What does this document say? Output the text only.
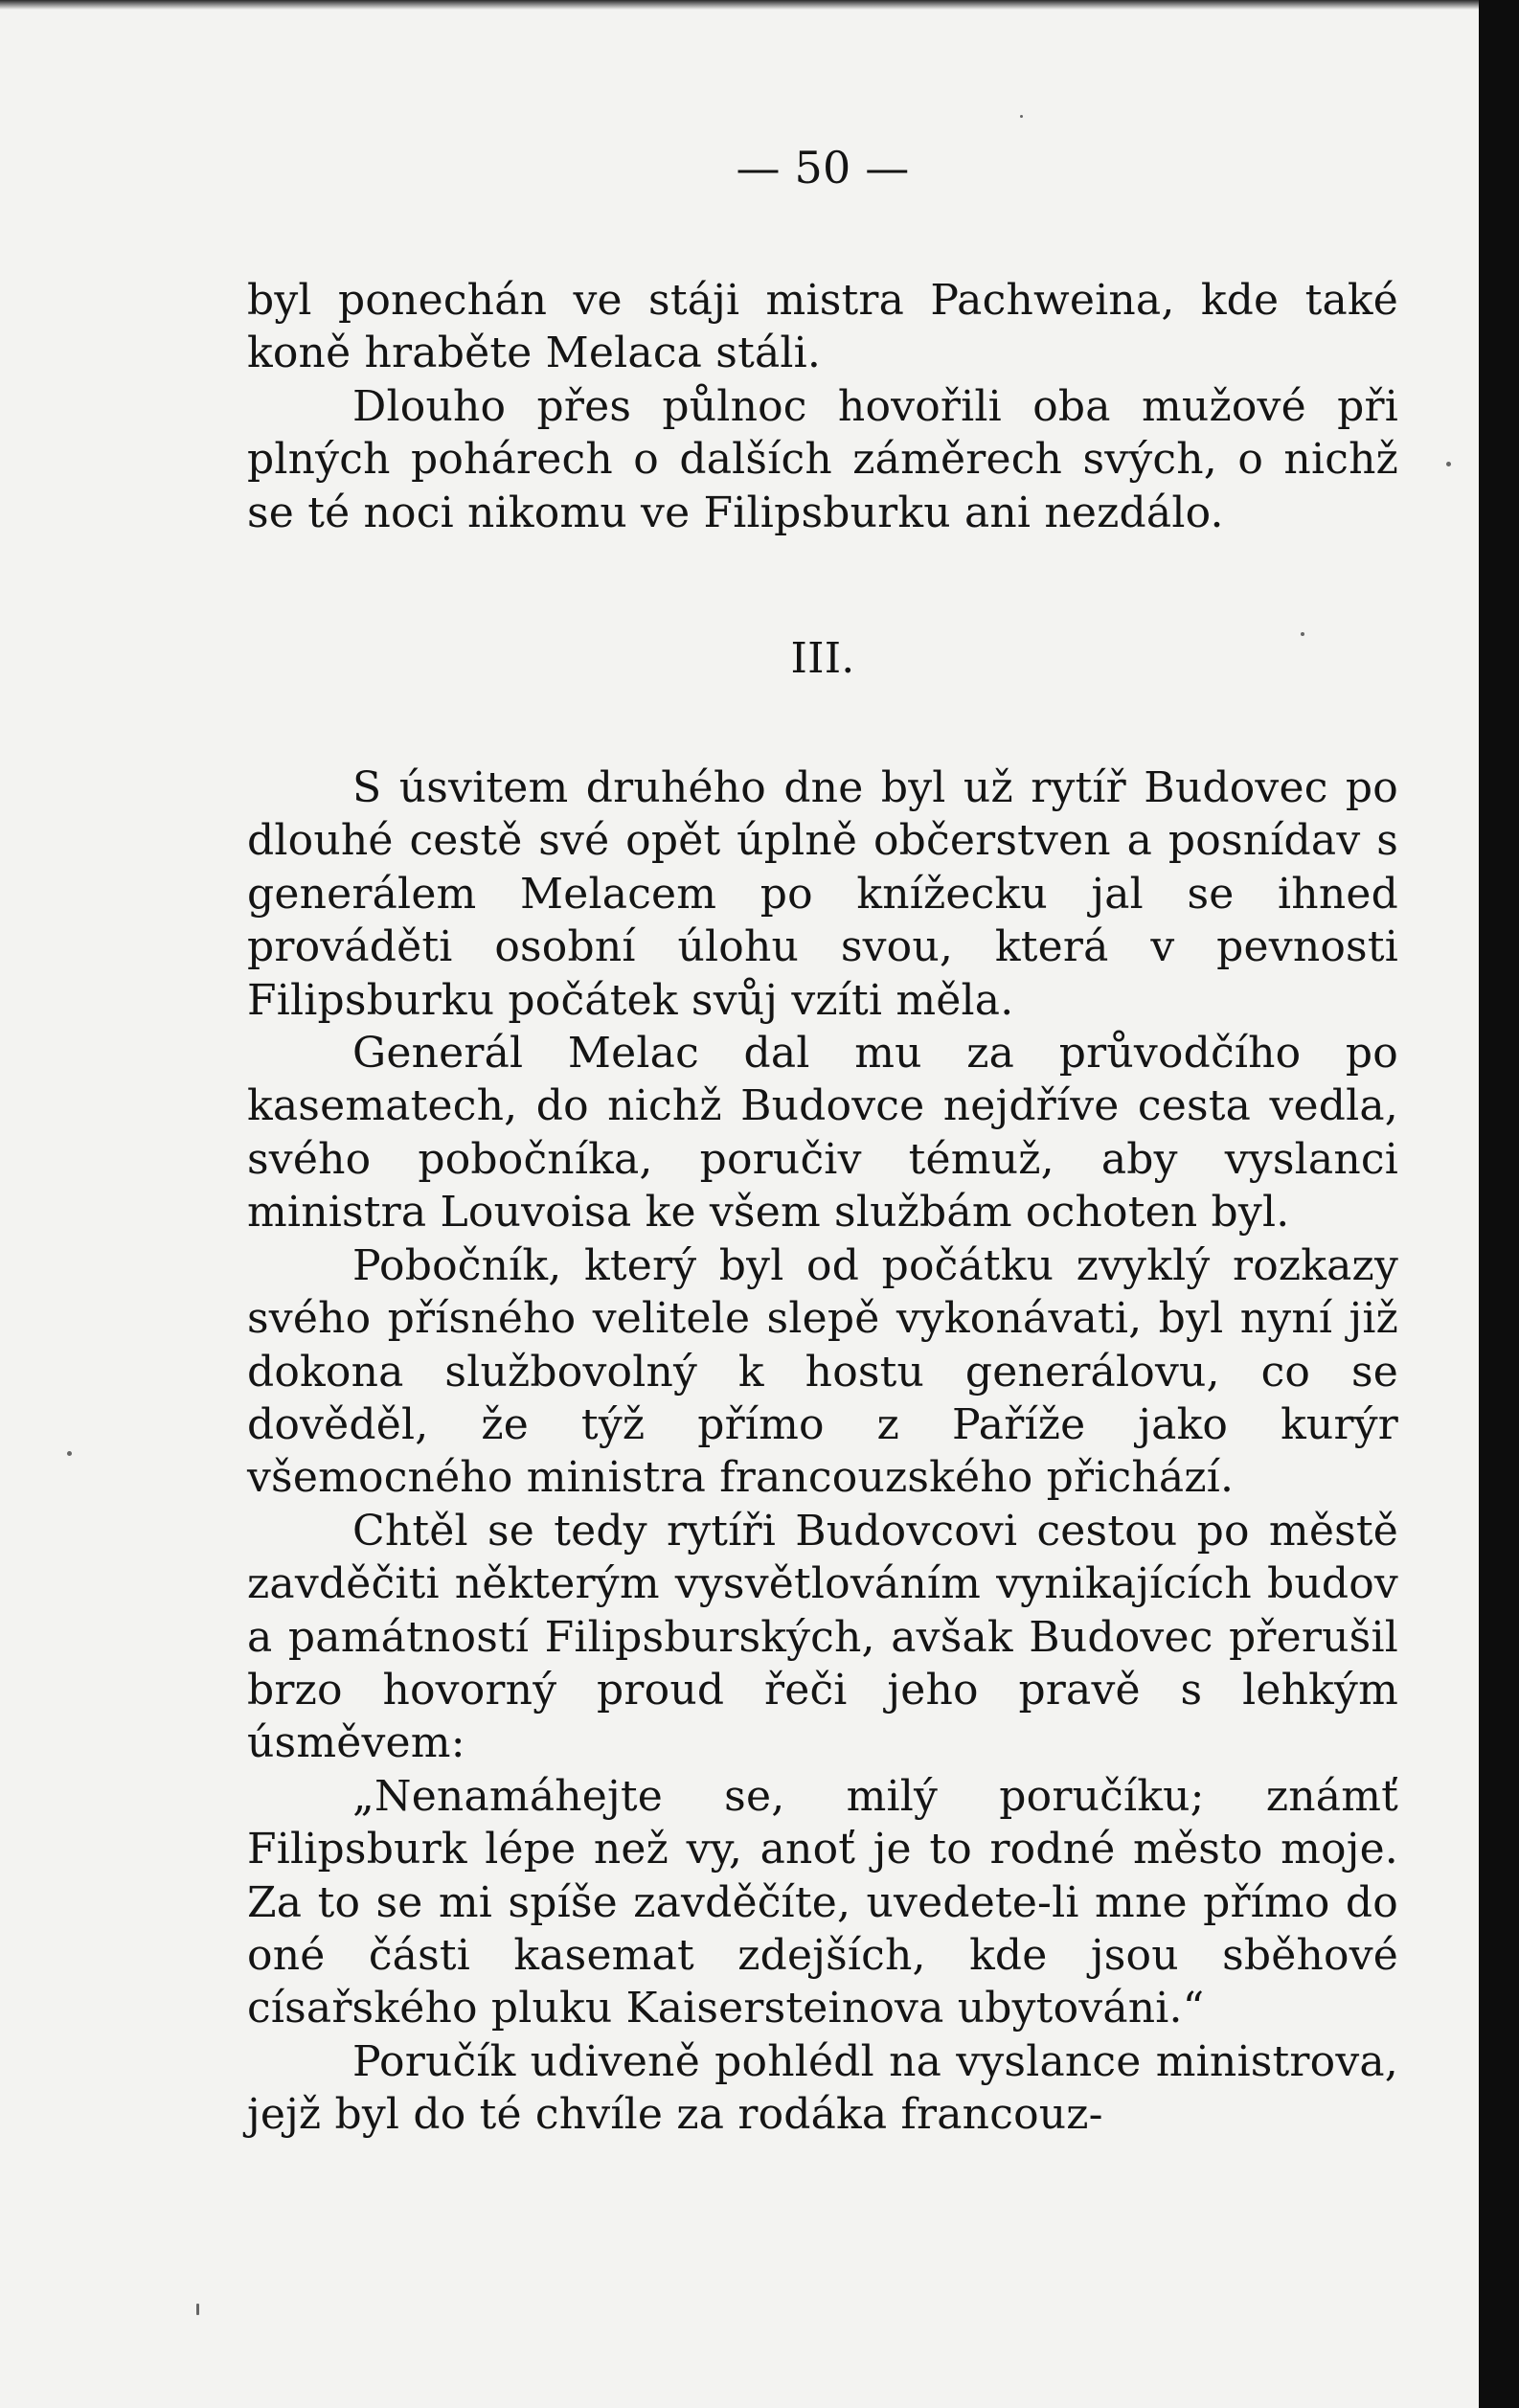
— 50 —

byl ponechán ve stáji mistra Pachweina, kde také koně hraběte Melaca stáli.

Dlouho přes půlnoc hovořili oba mužové při plných pohárech o dalších záměrech svých, o nichž se té noci nikomu ve Filipsburku ani nezdálo.

III.

S úsvitem druhého dne byl už rytíř Budovec po dlouhé cestě své opět úplně občerstven a posnídav s generálem Melacem po knížecku jal se ihned prováděti osobní úlohu svou, která v pevnosti Filipsburku počátek svůj vzíti měla.

Generál Melac dal mu za průvodčího po kasematech, do nichž Budovce nejdříve cesta vedla, svého pobočníka, poručiv témuž, aby vyslanci ministra Louvoisa ke všem službám ochoten byl.

Pobočník, který byl od počátku zvyklý rozkazy svého přísného velitele slepě vykonávati, byl nyní již dokona službovolný k hostu generálovu, co se dověděl, že týž přímo z Paříže jako kurýr všemocného ministra francouzského přichází.

Chtěl se tedy rytíři Budovcovi cestou po městě zavděčiti některým vysvětlováním vynikajících budov a památností Filipsburských, avšak Budovec přerušil brzo hovorný proud řeči jeho pravě s lehkým úsměvem:

„Nenamáhejte se, milý poručíku; známť Filipsburk lépe než vy, anoť je to rodné město moje. Za to se mi spíše zavděčíte, uvedete-li mne přímo do oné části kasemat zdejších, kde jsou sběhové císařského pluku Kaisersteinova ubytováni.“

Poručík udiveně pohlédl na vyslance ministrova, jejž byl do té chvíle za rodáka francouz-
